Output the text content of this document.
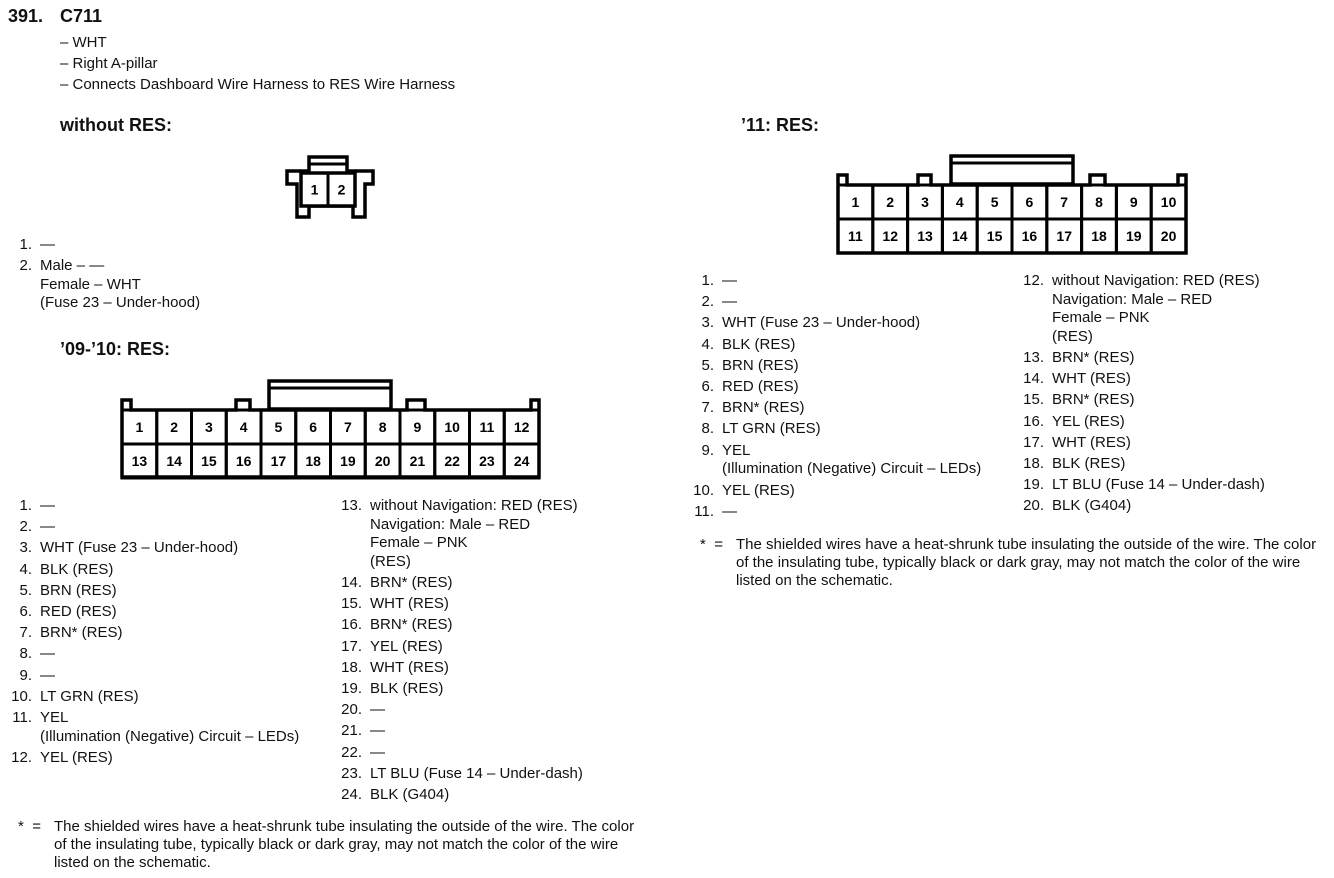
391. C711
– WHT
– Right A-pillar
– Connects Dashboard Wire Harness to RES Wire Harness
without RES:
1 2
1. —
2. Male – —
Female – WHT
(Fuse 23 – Under-hood)
’09-’10: RES:
1 2 3 4 5 6 7 8 9 10 11 12
13 14 15 16 17 18 19 20 21 22 23 24
1. —
2. —
3. WHT (Fuse 23 – Under-hood)
4. BLK (RES)
5. BRN (RES)
6. RED (RES)
7. BRN* (RES)
8. —
9. —
10. LT GRN (RES)
11. YEL
(Illumination (Negative) Circuit – LEDs)
12. YEL (RES)
13. without Navigation: RED (RES)
Navigation: Male – RED
Female – PNK
(RES)
14. BRN* (RES)
15. WHT (RES)
16. BRN* (RES)
17. YEL (RES)
18. WHT (RES)
19. BLK (RES)
20. —
21. —
22. —
23. LT BLU (Fuse 14 – Under-dash)
24. BLK (G404)
* = The shielded wires have a heat-shrunk tube insulating the outside of the wire. The color of the insulating tube, typically black or dark gray, may not match the color of the wire listed on the schematic.
’11: RES:
1 2 3 4 5 6 7 8 9 10
11 12 13 14 15 16 17 18 19 20
1. —
2. —
3. WHT (Fuse 23 – Under-hood)
4. BLK (RES)
5. BRN (RES)
6. RED (RES)
7. BRN* (RES)
8. LT GRN (RES)
9. YEL
(Illumination (Negative) Circuit – LEDs)
10. YEL (RES)
11. —
12. without Navigation: RED (RES)
Navigation: Male – RED
Female – PNK
(RES)
13. BRN* (RES)
14. WHT (RES)
15. BRN* (RES)
16. YEL (RES)
17. WHT (RES)
18. BLK (RES)
19. LT BLU (Fuse 14 – Under-dash)
20. BLK (G404)
* = The shielded wires have a heat-shrunk tube insulating the outside of the wire. The color of the insulating tube, typically black or dark gray, may not match the color of the wire listed on the schematic.
